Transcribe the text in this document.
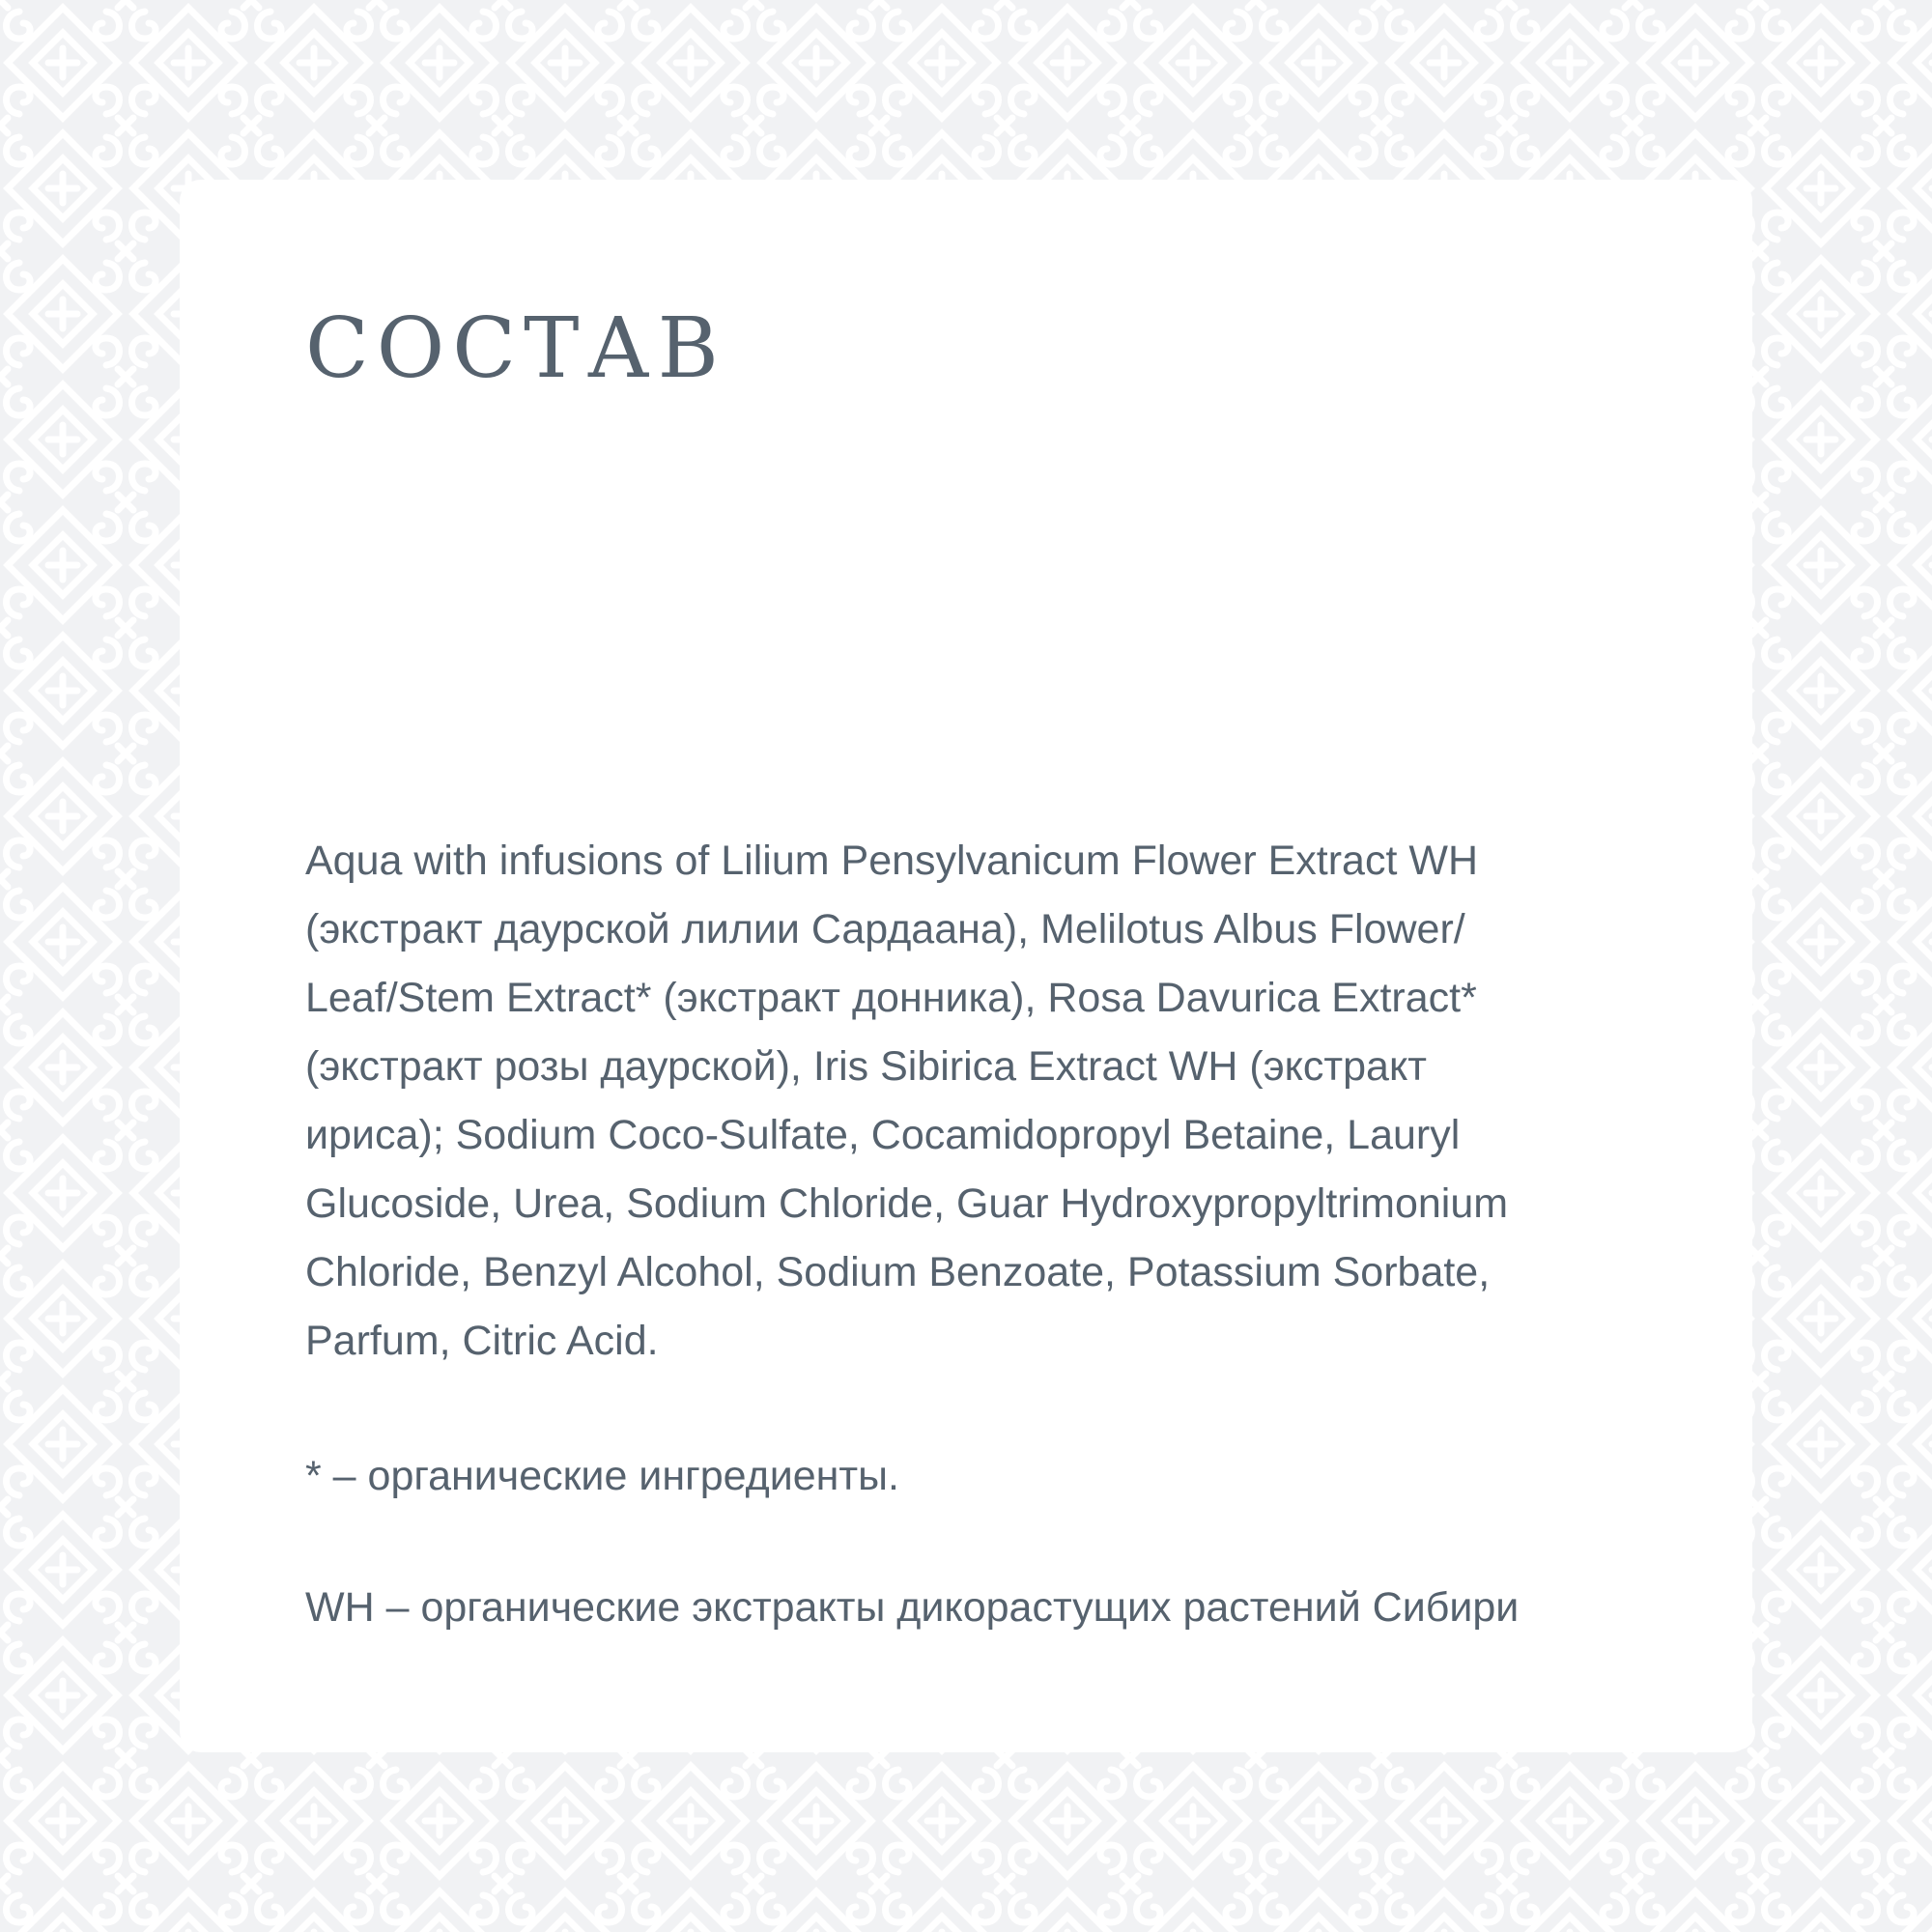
СОСТАВ

Aqua with infusions of Lilium Pensylvanicum Flower Extract WH
(экстракт даурской лилии Сардаана), Melilotus Albus Flower/
Leaf/Stem Extract* (экстракт донника), Rosa Davurica Extract*
(экстракт розы даурской), Iris Sibirica Extract WH (экстракт
ириса); Sodium Coco-Sulfate, Cocamidopropyl Betaine, Lauryl
Glucoside, Urea, Sodium Chloride, Guar Hydroxypropyltrimonium
Chloride, Benzyl Alcohol, Sodium Benzoate, Potassium Sorbate,
Parfum, Citric Acid.

* – органические ингредиенты.

WH – органические экстракты дикорастущих растений Сибири
